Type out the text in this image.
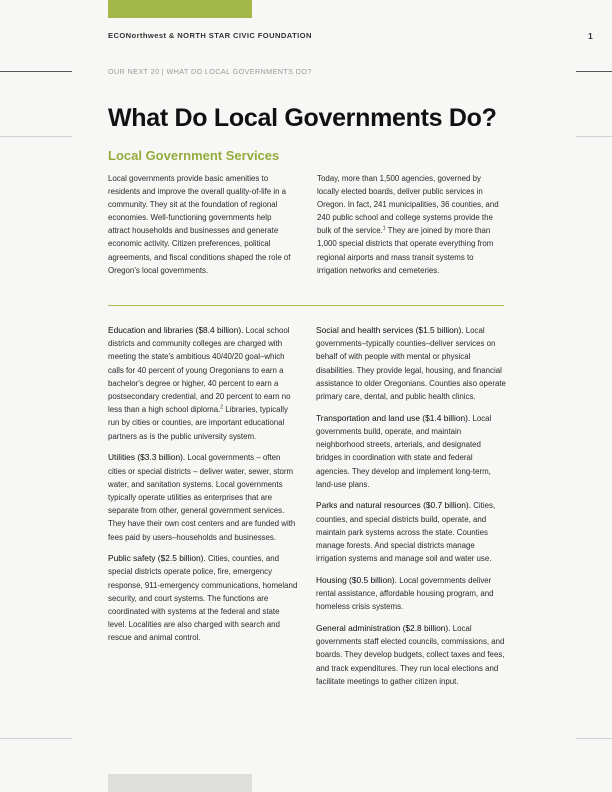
ECONorthwest & NORTH STAR CIVIC FOUNDATION	1
OUR NEXT 20 | WHAT DO LOCAL GOVERNMENTS DO?
What Do Local Governments Do?
Local Government Services

Local governments provide basic amenities to residents and improve the overall quality-of-life in a community. They sit at the foundation of regional economies. Well-functioning governments help attract households and businesses and generate economic activity. Citizen preferences, political agreements, and fiscal conditions shaped the role of Oregon's local governments.

Today, more than 1,500 agencies, governed by locally elected boards, deliver public services in Oregon. In fact, 241 municipalities, 36 counties, and 240 public school and college systems provide the bulk of the service.$^1$ They are joined by more than 1,000 special districts that operate everything from regional airports and mass transit systems to irrigation networks and cemeteries.

Education and libraries ($8.4 billion). Local school districts and community colleges are charged with meeting the state's ambitious 40/40/20 goal–which calls for 40 percent of young Oregonians to earn a bachelor's degree or higher, 40 percent to earn a postsecondary credential, and 20 percent to earn no less than a high school diploma.$^2$ Libraries, typically run by cities or counties, are important educational partners as is the public university system.

Utilities ($3.3 billion). Local governments – often cities or special districts – deliver water, sewer, storm water, and sanitation systems. Local governments typically operate utilities as enterprises that are separate from other, general government services. They have their own cost centers and are funded with fees paid by users–households and businesses.

Public safety ($2.5 billion). Cities, counties, and special districts operate police, fire, emergency response, 911-emergency communications, homeland security, and court systems. The functions are coordinated with systems at the federal and state level. Localities are also charged with search and rescue and animal control.

Social and health services ($1.5 billion). Local governments–typically counties–deliver services on behalf of with people with mental or physical disabilities. They provide legal, housing, and financial assistance to older Oregonians. Counties also operate primary care, dental, and public health clinics.

Transportation and land use ($1.4 billion). Local governments build, operate, and maintain neighborhood streets, arterials, and designated bridges in coordination with state and federal agencies. They develop and implement long-term, land-use plans.

Parks and natural resources ($0.7 billion). Cities, counties, and special districts build, operate, and maintain park systems across the state. Counties manage forests. And special districts manage irrigation systems and manage soil and water use.

Housing ($0.5 billion). Local governments deliver rental assistance, affordable housing program, and homeless crisis systems.

General administration ($2.8 billion). Local governments staff elected councils, commissions, and boards. They develop budgets, collect taxes and fees, and track expenditures. They run local elections and facilitate meetings to gather citizen input.
